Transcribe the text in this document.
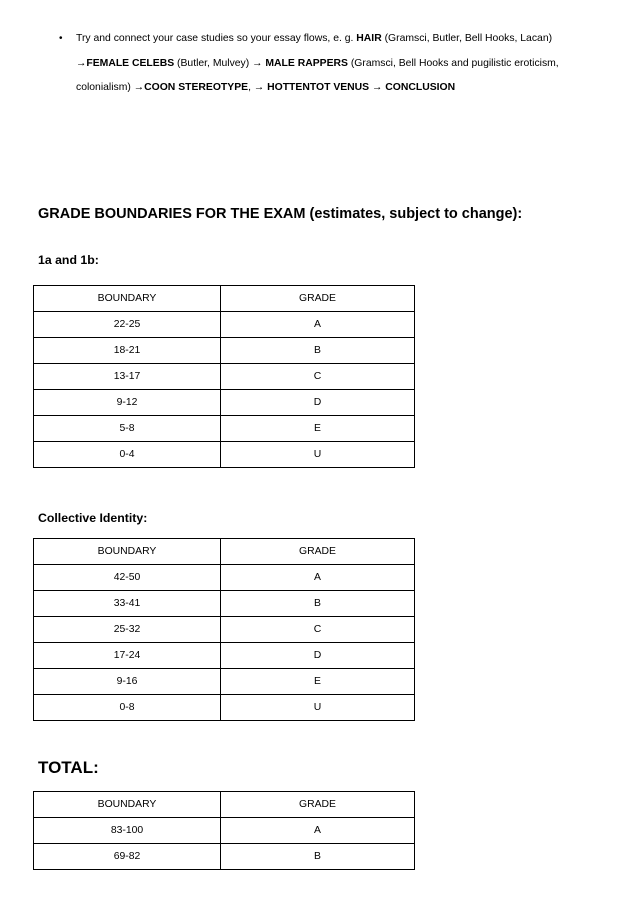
• Try and connect your case studies so your essay flows, e. g. HAIR (Gramsci, Butler, Bell Hooks, Lacan)
→FEMALE CELEBS (Butler, Mulvey) → MALE RAPPERS (Gramsci, Bell Hooks and pugilistic eroticism,
colonialism) →COON STEREOTYPE, → HOTTENTOT VENUS → CONCLUSION
GRADE BOUNDARIES FOR THE EXAM (estimates, subject to change):
1a and 1b:
BOUNDARY	GRADE
22-25	A
18-21	B
13-17	C
9-12	D
5-8	E
0-4	U
Collective Identity:
BOUNDARY	GRADE
42-50	A
33-41	B
25-32	C
17-24	D
9-16	E
0-8	U
TOTAL:
BOUNDARY	GRADE
83-100	A
69-82	B
